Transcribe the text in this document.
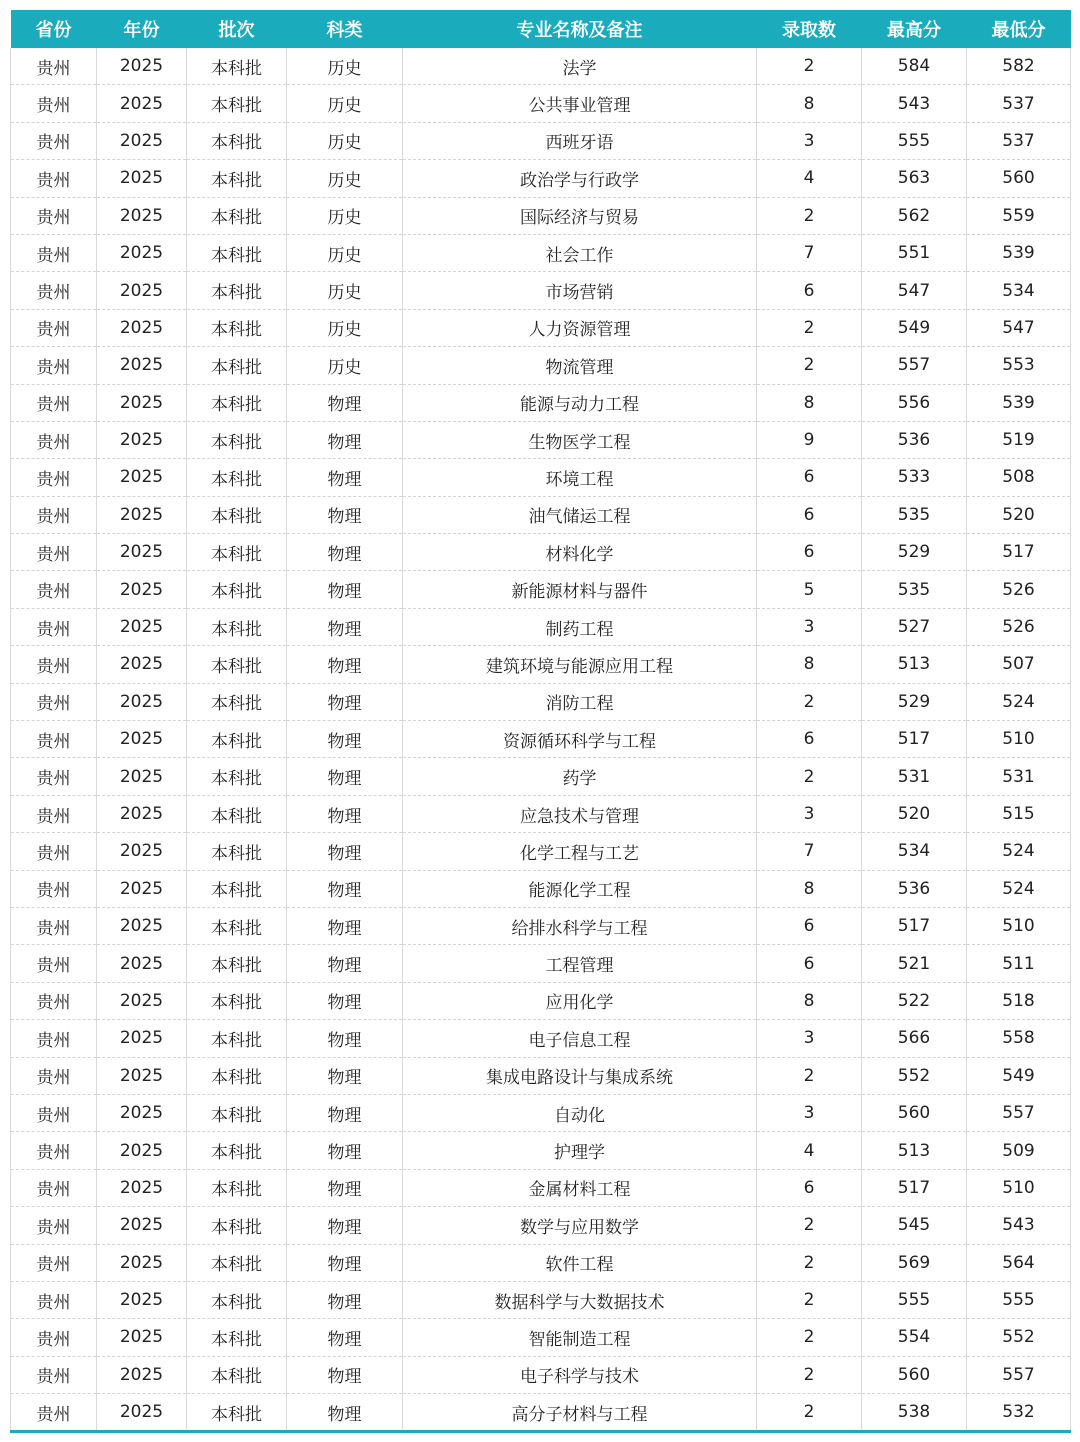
省份	年份	批次	科类	专业名称及备注	录取数	最高分	最低分
贵州	2025	本科批	历史	法学	2	584	582
贵州	2025	本科批	历史	公共事业管理	8	543	537
贵州	2025	本科批	历史	西班牙语	3	555	537
贵州	2025	本科批	历史	政治学与行政学	4	563	560
贵州	2025	本科批	历史	国际经济与贸易	2	562	559
贵州	2025	本科批	历史	社会工作	7	551	539
贵州	2025	本科批	历史	市场营销	6	547	534
贵州	2025	本科批	历史	人力资源管理	2	549	547
贵州	2025	本科批	历史	物流管理	2	557	553
贵州	2025	本科批	物理	能源与动力工程	8	556	539
贵州	2025	本科批	物理	生物医学工程	9	536	519
贵州	2025	本科批	物理	环境工程	6	533	508
贵州	2025	本科批	物理	油气储运工程	6	535	520
贵州	2025	本科批	物理	材料化学	6	529	517
贵州	2025	本科批	物理	新能源材料与器件	5	535	526
贵州	2025	本科批	物理	制药工程	3	527	526
贵州	2025	本科批	物理	建筑环境与能源应用工程	8	513	507
贵州	2025	本科批	物理	消防工程	2	529	524
贵州	2025	本科批	物理	资源循环科学与工程	6	517	510
贵州	2025	本科批	物理	药学	2	531	531
贵州	2025	本科批	物理	应急技术与管理	3	520	515
贵州	2025	本科批	物理	化学工程与工艺	7	534	524
贵州	2025	本科批	物理	能源化学工程	8	536	524
贵州	2025	本科批	物理	给排水科学与工程	6	517	510
贵州	2025	本科批	物理	工程管理	6	521	511
贵州	2025	本科批	物理	应用化学	8	522	518
贵州	2025	本科批	物理	电子信息工程	3	566	558
贵州	2025	本科批	物理	集成电路设计与集成系统	2	552	549
贵州	2025	本科批	物理	自动化	3	560	557
贵州	2025	本科批	物理	护理学	4	513	509
贵州	2025	本科批	物理	金属材料工程	6	517	510
贵州	2025	本科批	物理	数学与应用数学	2	545	543
贵州	2025	本科批	物理	软件工程	2	569	564
贵州	2025	本科批	物理	数据科学与大数据技术	2	555	555
贵州	2025	本科批	物理	智能制造工程	2	554	552
贵州	2025	本科批	物理	电子科学与技术	2	560	557
贵州	2025	本科批	物理	高分子材料与工程	2	538	532
